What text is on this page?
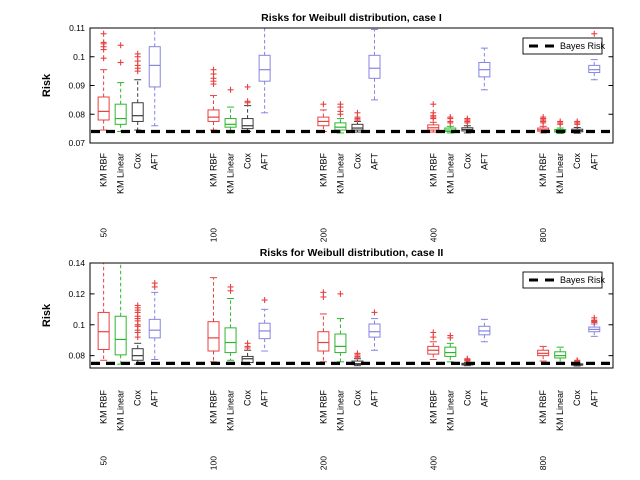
Risks for Weibull distribution, case I
Risk
0.07
0.08
0.09
0.1
0.11
KM RBF KM Linear Cox AFT
50
KM RBF KM Linear Cox AFT
100
KM RBF KM Linear Cox AFT
200
KM RBF KM Linear Cox AFT
400
KM RBF KM Linear Cox AFT
800
Bayes Risk
Risks for Weibull distribution, case II
Risk
0.08
0.1
0.12
0.14
KM RBF KM Linear Cox AFT
50
KM RBF KM Linear Cox AFT
100
KM RBF KM Linear Cox AFT
200
KM RBF KM Linear Cox AFT
400
KM RBF KM Linear Cox AFT
800
Bayes Risk
